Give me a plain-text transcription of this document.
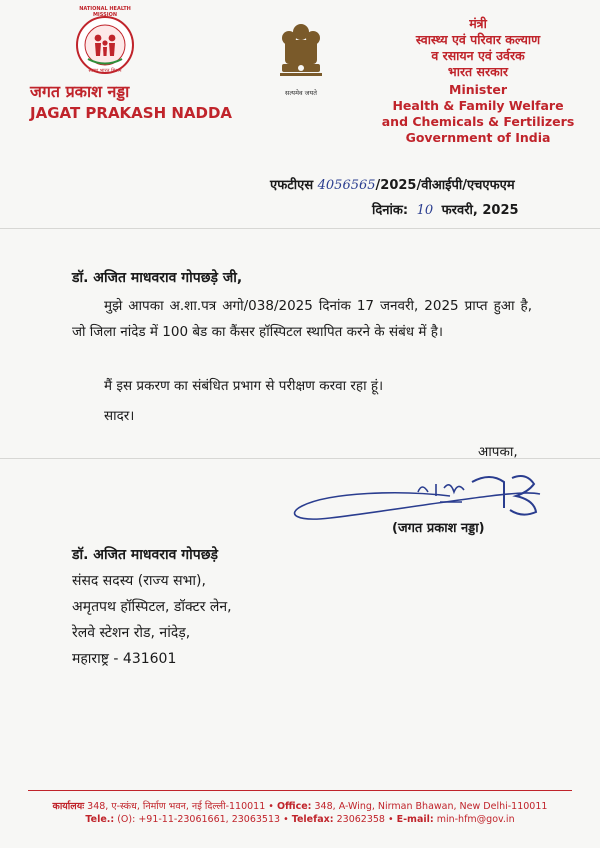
NATIONAL HEALTH MISSION
स्वस्थ भारत मिशन
जगत प्रकाश नड्डा
JAGAT PRAKASH NADDA
सत्यमेव जयते
मंत्री
स्वास्थ्य एवं परिवार कल्याण
व रसायन एवं उर्वरक
भारत सरकार
Minister
Health & Family Welfare
and Chemicals & Fertilizers
Government of India
एफटीएस 4056565/2025/वीआईपी/एचएफएम
दिनांक: 10 फरवरी, 2025
डॉ. अजित माधवराव गोपछड़े जी,
मुझे आपका अ.शा.पत्र अगो/038/2025 दिनांक 17 जनवरी, 2025 प्राप्त हुआ है, जो जिला नांदेड में 100 बेड का कैंसर हॉस्पिटल स्थापित करने के संबंध में है।
मैं इस प्रकरण का संबंधित प्रभाग से परीक्षण करवा रहा हूं।
सादर।
आपका,
(जगत प्रकाश नड्डा)
डॉ. अजित माधवराव गोपछड़े
संसद सदस्य (राज्य सभा),
अमृतपथ हॉस्पिटल, डॉक्टर लेन,
रेलवे स्टेशन रोड, नांदेड़,
महाराष्ट्र - 431601
कार्यालयः 348, ए-स्कंध, निर्माण भवन, नई दिल्ली-110011 • Office: 348, A-Wing, Nirman Bhawan, New Delhi-110011
Tele.: (O): +91-11-23061661, 23063513 • Telefax: 23062358 • E-mail: min-hfm@gov.in
